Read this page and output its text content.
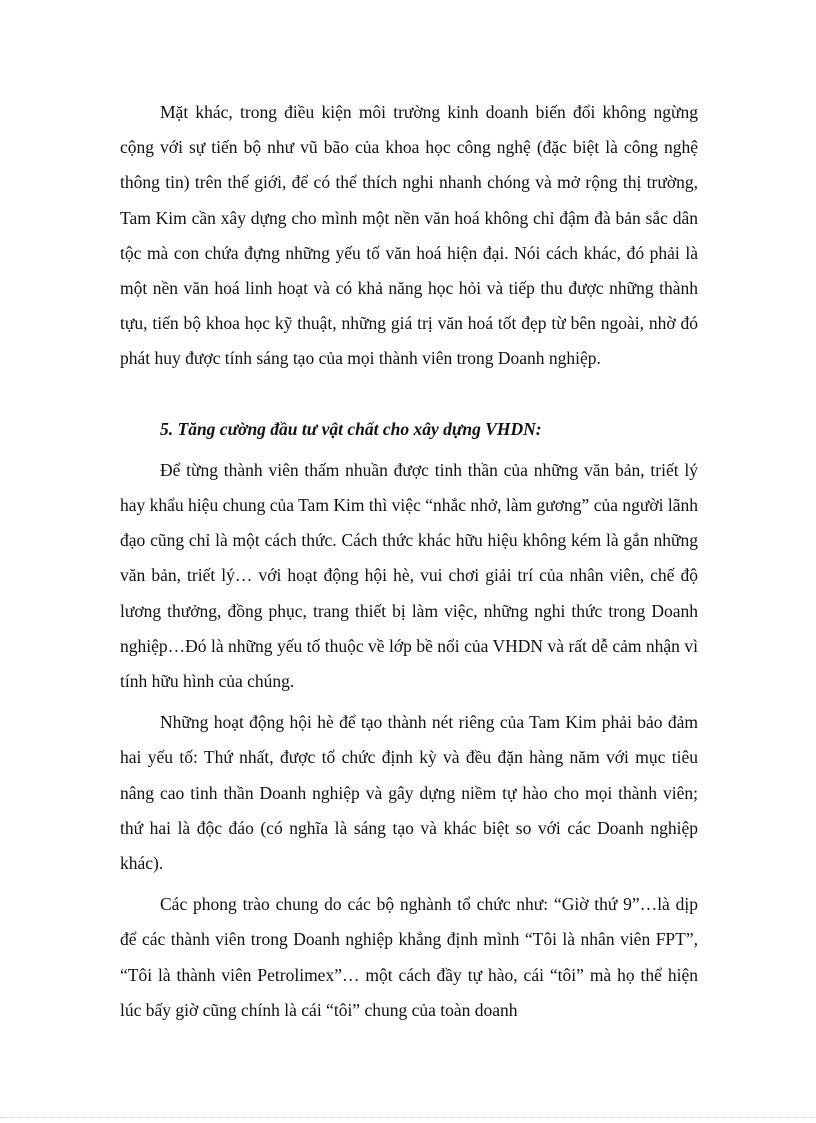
Mặt khác, trong điều kiện môi trường kinh doanh biến đổi không ngừng cộng với sự tiến bộ như vũ bão của khoa học công nghệ (đặc biệt là công nghệ thông tin) trên thế giới, để có thể thích nghi nhanh chóng và mở rộng thị trường, Tam Kim cần xây dựng cho mình một nền văn hoá không chỉ đậm đà bản sắc dân tộc mà con chứa đựng những yếu tố văn hoá hiện đại. Nói cách khác, đó phải là một nền văn hoá linh hoạt và có khả năng học hỏi và tiếp thu được những thành tựu, tiến bộ khoa học kỹ thuật, những giá trị văn hoá tốt đẹp từ bên ngoài, nhờ đó phát huy được tính sáng tạo của mọi thành viên trong Doanh nghiệp.

5. Tăng cường đầu tư vật chất cho xây dựng VHDN:

Để từng thành viên thấm nhuần được tinh thần của những văn bản, triết lý hay khẩu hiệu chung của Tam Kim thì việc “nhắc nhở, làm gương” của người lãnh đạo cũng chỉ là một cách thức. Cách thức khác hữu hiệu không kém là gắn những văn bản, triết lý… với hoạt động hội hè, vui chơi giải trí của nhân viên, chế độ lương thưởng, đồng phục, trang thiết bị làm việc, những nghi thức trong Doanh nghiệp…Đó là những yếu tố thuộc về lớp bề nổi của VHDN và rất dễ cảm nhận vì tính hữu hình của chúng.

Những hoạt động hội hè để tạo thành nét riêng của Tam Kim phải bảo đảm hai yếu tố: Thứ nhất, được tổ chức định kỳ và đều đặn hàng năm với mục tiêu nâng cao tinh thần Doanh nghiệp và gây dựng niềm tự hào cho mọi thành viên; thứ hai là độc đáo (có nghĩa là sáng tạo và khác biệt so với các Doanh nghiệp khác).

Các phong trào chung do các bộ nghành tổ chức như: “Giờ thứ 9”…là dịp để các thành viên trong Doanh nghiệp khẳng định mình “Tôi là nhân viên FPT”, “Tôi là thành viên Petrolimex”… một cách đầy tự hào, cái “tôi” mà họ thể hiện lúc bấy giờ cũng chính là cái “tôi” chung của toàn doanh
